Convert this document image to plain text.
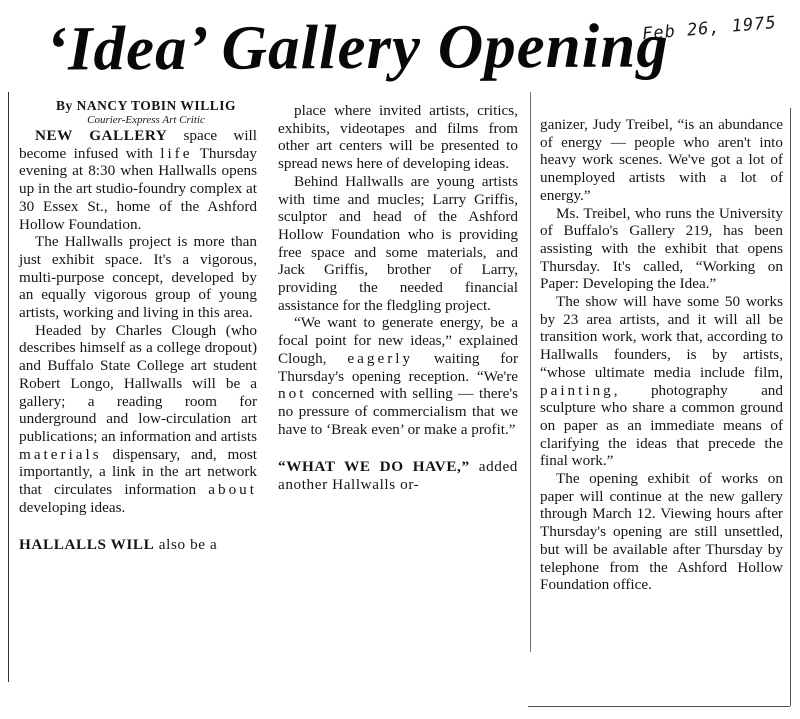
‘Idea’ Gallery Opening
Feb 26, 1975

By NANCY TOBIN WILLIG

Courier-Express Art Critic

NEW GALLERY space will become infused with life Thursday evening at 8:30 when Hallwalls opens up in the art studio-foundry complex at 30 Essex St., home of the Ashford Hollow Foundation.

The Hallwalls project is more than just exhibit space. It's a vigorous, multi-purpose concept, developed by an equally vigorous group of young artists, working and living in this area.

Headed by Charles Clough (who describes himself as a college dropout) and Buffalo State College art student Robert Longo, Hallwalls will be a gallery; a reading room for underground and low-circulation art publications; an information and artists materials dispensary, and, most importantly, a link in the art network that circulates information about developing ideas.

HALLALLS WILL also be a

place where invited artists, critics, exhibits, videotapes and films from other art centers will be presented to spread news here of developing ideas.

Behind Hallwalls are young artists with time and mucles; Larry Griffis, sculptor and head of the Ashford Hollow Foundation who is providing free space and some materials, and Jack Griffis, brother of Larry, providing the needed financial assistance for the fledgling project.

“We want to generate energy, be a focal point for new ideas,” explained Clough, eagerly waiting for Thursday's opening reception. “We're not concerned with selling — there's no pressure of commercialism that we have to ‘Break even’ or make a profit.”

“WHAT WE DO HAVE,” added another Hallwalls or-

ganizer, Judy Treibel, “is an abundance of energy — people who aren't into heavy work scenes. We've got a lot of unemployed artists with a lot of energy.”

Ms. Treibel, who runs the University of Buffalo's Gallery 219, has been assisting with the exhibit that opens Thursday. It's called, “Working on Paper: Developing the Idea.”

The show will have some 50 works by 23 area artists, and it will all be transition work, work that, according to Hallwalls founders, is by artists, “whose ultimate media include film, painting, photography and sculpture who share a common ground on paper as an immediate means of clarifying the ideas that precede the final work.”

The opening exhibit of works on paper will continue at the new gallery through March 12. Viewing hours after Thursday's opening are still unsettled, but will be available after Thursday by telephone from the Ashford Hollow Foundation office.
